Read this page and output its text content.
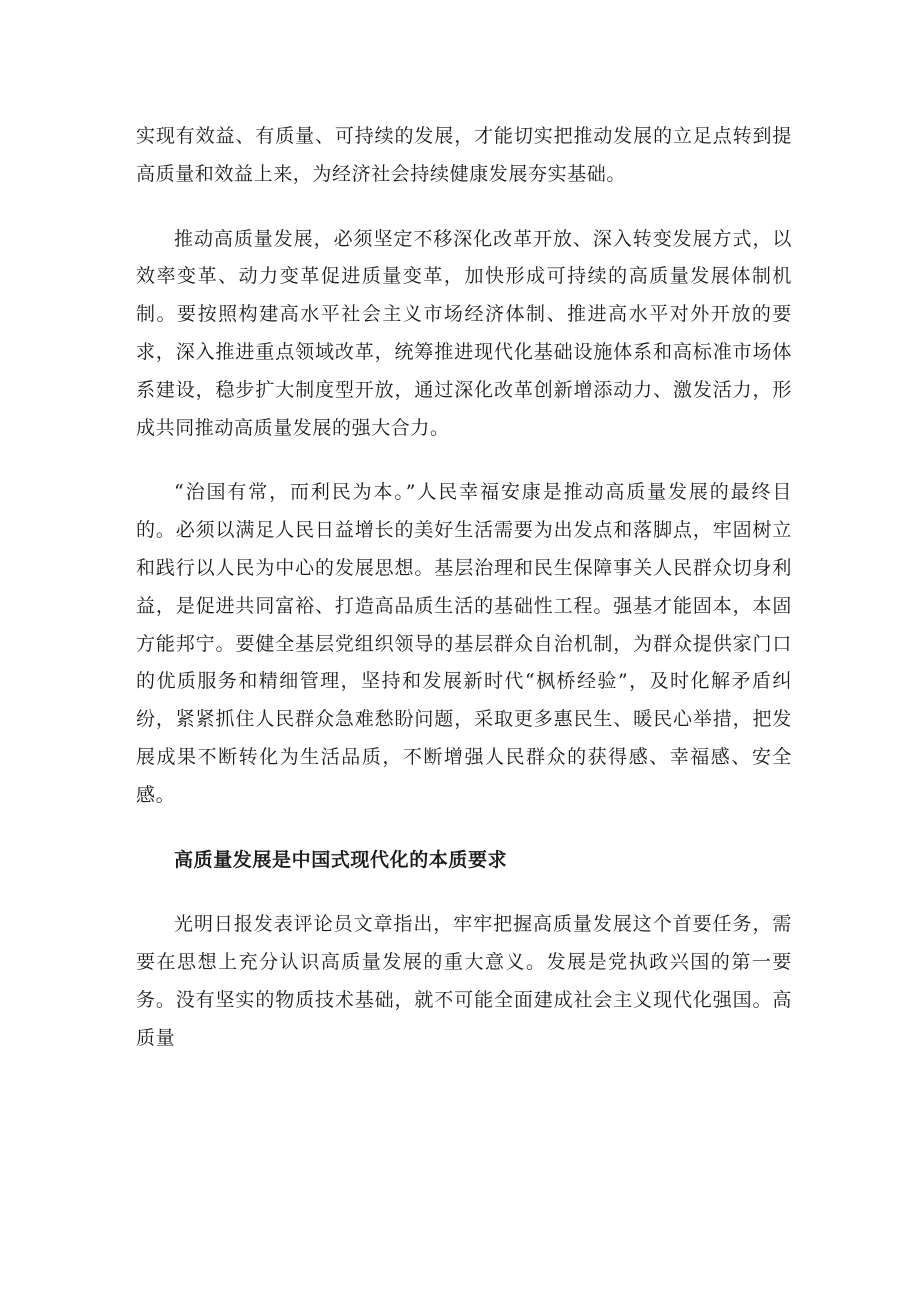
实现有效益、有质量、可持续的发展，才能切实把推动发展的立足点转到提高质量和效益上来，为经济社会持续健康发展夯实基础。

推动高质量发展，必须坚定不移深化改革开放、深入转变发展方式，以效率变革、动力变革促进质量变革，加快形成可持续的高质量发展体制机制。要按照构建高水平社会主义市场经济体制、推进高水平对外开放的要求，深入推进重点领域改革，统筹推进现代化基础设施体系和高标准市场体系建设，稳步扩大制度型开放，通过深化改革创新增添动力、激发活力，形成共同推动高质量发展的强大合力。

“治国有常，而利民为本。”人民幸福安康是推动高质量发展的最终目的。必须以满足人民日益增长的美好生活需要为出发点和落脚点，牢固树立和践行以人民为中心的发展思想。基层治理和民生保障事关人民群众切身利益，是促进共同富裕、打造高品质生活的基础性工程。强基才能固本，本固方能邦宁。要健全基层党组织领导的基层群众自治机制，为群众提供家门口的优质服务和精细管理，坚持和发展新时代“枫桥经验”，及时化解矛盾纠纷，紧紧抓住人民群众急难愁盼问题，采取更多惠民生、暖民心举措，把发展成果不断转化为生活品质，不断增强人民群众的获得感、幸福感、安全感。

高质量发展是中国式现代化的本质要求

光明日报发表评论员文章指出，牢牢把握高质量发展这个首要任务，需要在思想上充分认识高质量发展的重大意义。发展是党执政兴国的第一要务。没有坚实的物质技术基础，就不可能全面建成社会主义现代化强国。高质量
